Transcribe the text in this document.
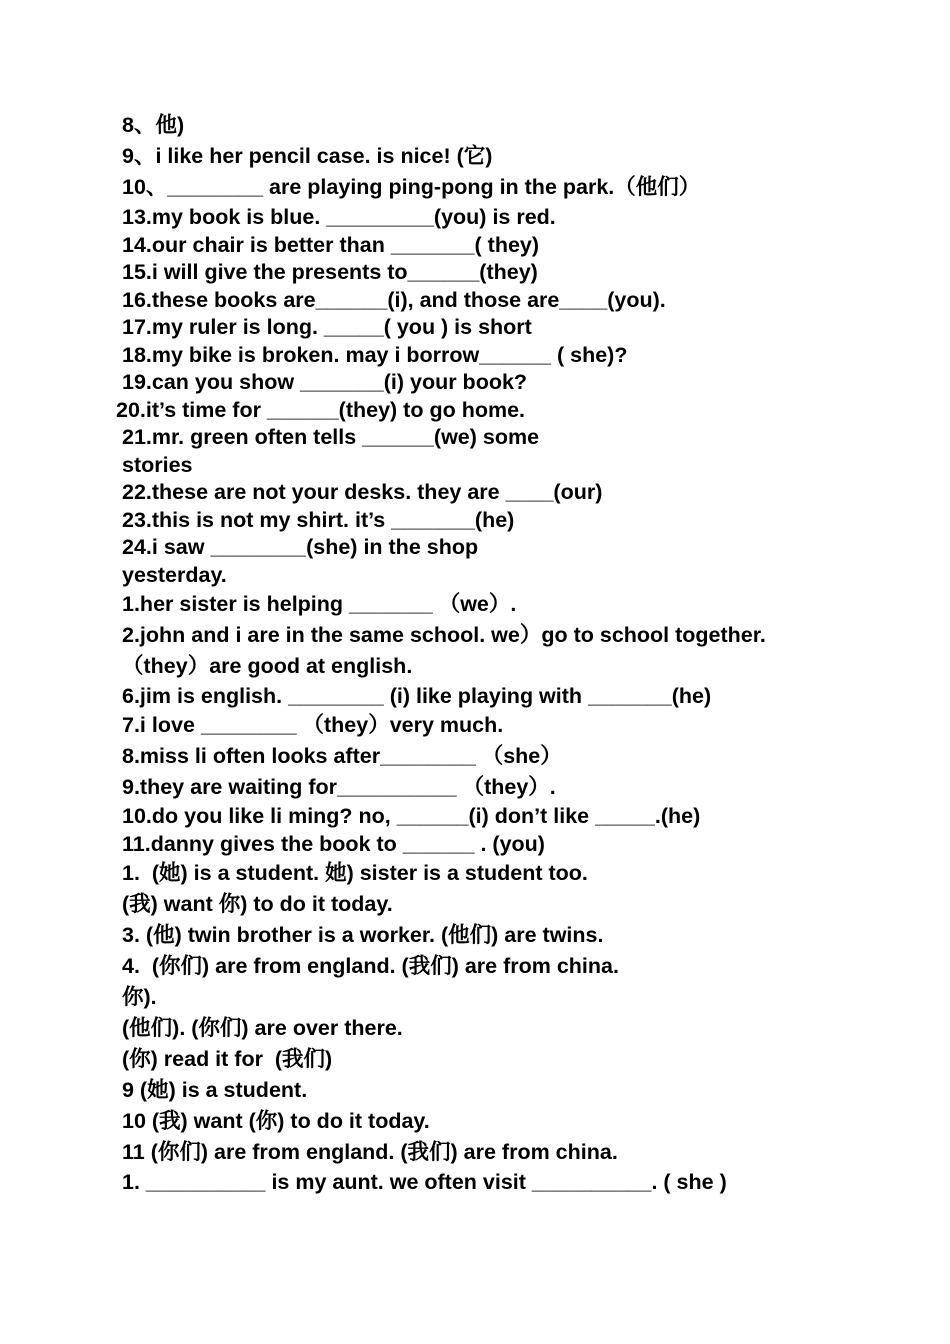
8、他)
9、i like her pencil case. is nice! (它)
10、________ are playing ping-pong in the park.（他们）
13.my book is blue. _________(you) is red.
14.our chair is better than _______( they)
15.i will give the presents to______(they)
16.these books are______(i), and those are____(you).
17.my ruler is long. _____( you ) is short
18.my bike is broken. may i borrow______ ( she)?
19.can you show _______(i) your book?
20.it’s time for ______(they) to go home.
21.mr. green often tells ______(we) some
stories
22.these are not your desks. they are ____(our)
23.this is not my shirt. it’s _______(he)
24.i saw ________(she) in the shop
yesterday.
1.her sister is helping _______ （we）.
2.john and i are in the same school. we）go to school together.
（they）are good at english.
6.jim is english. ________ (i) like playing with _______(he)
7.i love ________ （they）very much.
8.miss li often looks after________ （she）
9.they are waiting for__________ （they）.
10.do you like li ming? no, ______(i) don’t like _____.(he)
11.danny gives the book to ______ . (you)
1.  (她) is a student. 她) sister is a student too.
(我) want 你) to do it today.
3. (他) twin brother is a worker. (他们) are twins.
4.  (你们) are from england. (我们) are from china.
你).
(他们). (你们) are over there.
(你) read it for  (我们)
9 (她) is a student.
10 (我) want (你) to do it today.
11 (你们) are from england. (我们) are from china.
1. __________ is my aunt. we often visit __________. ( she )
